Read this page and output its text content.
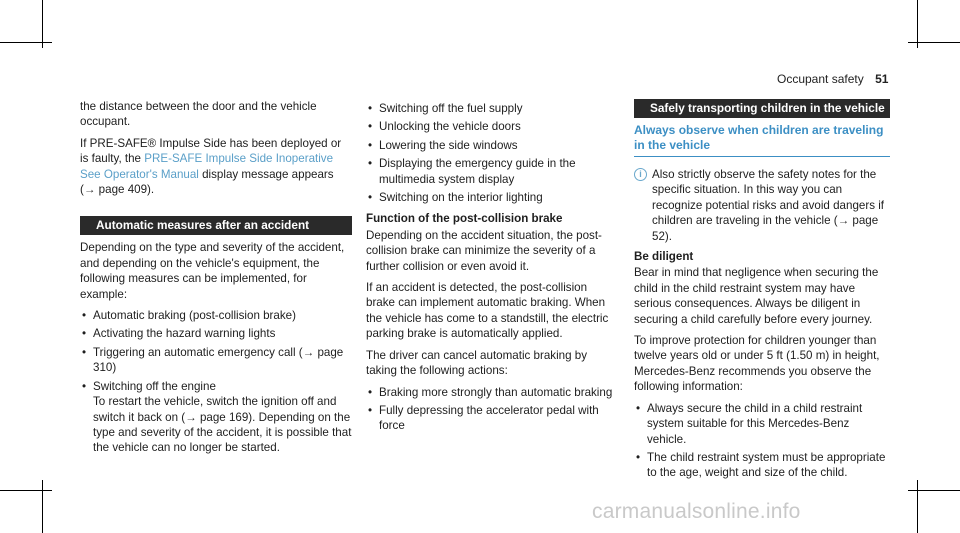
Occupant safety 51

the distance between the door and the vehicle occupant.

If PRE-SAFE® Impulse Side has been deployed or is faulty, the PRE-SAFE Impulse Side Inoperative See Operator's Manual display message appears (→ page 409).

Automatic measures after an accident

Depending on the type and severity of the accident, and depending on the vehicle's equipment, the following measures can be implemented, for example:

• Automatic braking (post-collision brake)
• Activating the hazard warning lights
• Triggering an automatic emergency call (→ page 310)
• Switching off the engine
To restart the vehicle, switch the ignition off and switch it back on (→ page 169). Depending on the type and severity of the accident, it is possible that the vehicle can no longer be started.
• Switching off the fuel supply
• Unlocking the vehicle doors
• Lowering the side windows
• Displaying the emergency guide in the multimedia system display
• Switching on the interior lighting
Function of the post-collision brake

Depending on the accident situation, the post-collision brake can minimize the severity of a further collision or even avoid it.

If an accident is detected, the post-collision brake can implement automatic braking. When the vehicle has come to a standstill, the electric parking brake is automatically applied.

The driver can cancel automatic braking by taking the following actions:

• Braking more strongly than automatic braking
• Fully depressing the accelerator pedal with force
Safely transporting children in the vehicle
Always observe when children are traveling in the vehicle
i Also strictly observe the safety notes for the specific situation. In this way you can recognize potential risks and avoid dangers if children are traveling in the vehicle (→ page 52).
Be diligent

Bear in mind that negligence when securing the child in the child restraint system may have serious consequences. Always be diligent in securing a child carefully before every journey.

To improve protection for children younger than twelve years old or under 5 ft (1.50 m) in height, Mercedes-Benz recommends you observe the following information:

• Always secure the child in a child restraint system suitable for this Mercedes-Benz vehicle.
• The child restraint system must be appropriate to the age, weight and size of the child.
carmanualsonline.info
